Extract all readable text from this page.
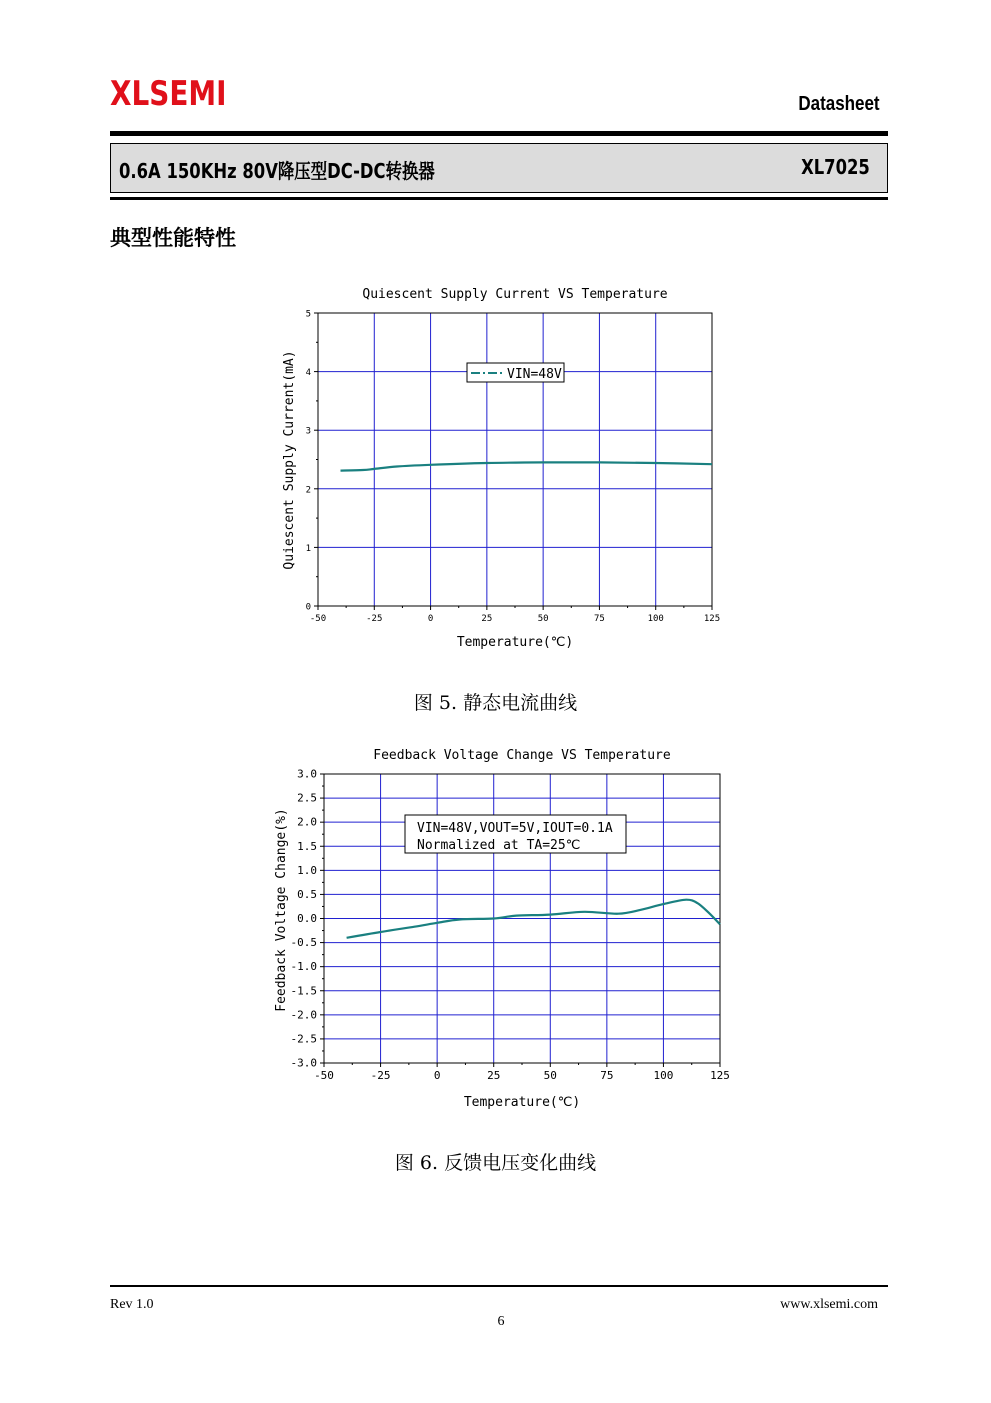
XLSEMI	Datasheet
0.6A 150KHz 80V降压型DC-DC转换器	XL7025
典型性能特性
Quiescent Supply Current VS Temperature
-50	-25	0	25	50	75	100	125
0
1
2
3
4
5
VIN=48V
Temperature(℃)
Quiescent Supply Current(mA)
图 5. 静态电流曲线
Feedback Voltage Change VS Temperature
-50	-25	0	25	50	75	100	125
3.0
2.5
2.0
1.5
1.0
0.5
0.0
-0.5
-1.0
-1.5
-2.0
-2.5
-3.0
VIN=48V,VOUT=5V,IOUT=0.1A
Normalized at TA=25℃
Temperature(℃)
Feedback Voltage Change(%)
图 6. 反馈电压变化曲线
Rev 1.0	www.xlsemi.com
6
